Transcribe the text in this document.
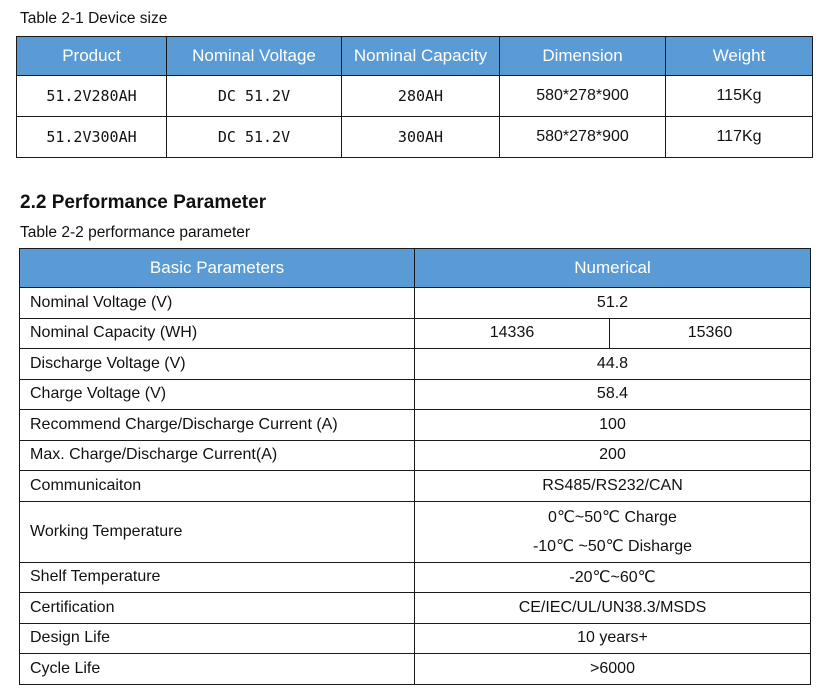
Table 2-1 Device size
Product	Nominal Voltage	Nominal Capacity	Dimension	Weight
51.2V280AH	DC 51.2V	280AH	580*278*900	115Kg
51.2V300AH	DC 51.2V	300AH	580*278*900	117Kg
2.2 Performance Parameter
Table 2-2 performance parameter
Basic Parameters	Numerical	
Nominal Voltage (V)	51.2	
Nominal Capacity (WH)	14336	15360
Discharge Voltage (V)	44.8	
Charge Voltage (V)	58.4	
Recommend Charge/Discharge Current (A)	100	
Max. Charge/Discharge Current(A)	200	
Communicaiton	RS485/RS232/CAN	
Working Temperature	0℃~50℃ Charge
-10℃ ~50℃ Disharge	

Shelf Temperature	-20℃~60℃	
Certification	CE/IEC/UL/UN38.3/MSDS	
Design Life	10 years+	
Cycle Life	>6000	
